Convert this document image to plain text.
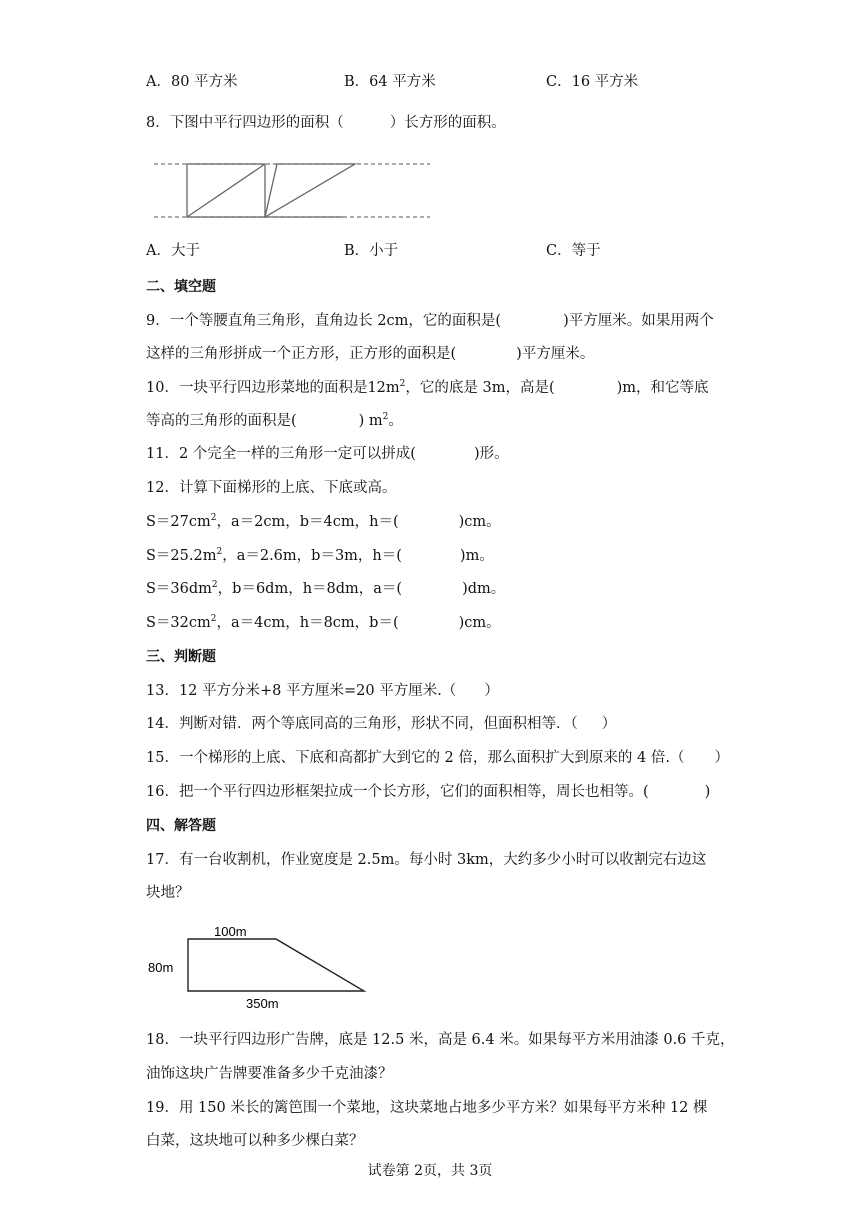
A．80 平方米	B．64 平方米	C．16 平方米
8．下图中平行四边形的面积（	）长方形的面积。
A．大于	B．小于	C．等于
二、填空题
9．一个等腰直角三角形，直角边长 2cm，它的面积是(	)平方厘米。如果用两个
这样的三角形拼成一个正方形，正方形的面积是(	)平方厘米。
10．一块平行四边形菜地的面积是$12m^2$，它的底是 3m，高是(	)m，和它等底
等高的三角形的面积是(	) $m^2$。
11．2 个完全一样的三角形一定可以拼成(	)形。
12．计算下面梯形的上底、下底或高。
$S=27cm^2$，a＝2cm，b＝4cm，h＝(	)cm。
$S=25.2m^2$，a＝2.6m，b＝3m，h＝(	)m。
$S=36dm^2$，b＝6dm，h＝8dm，a＝(	)dm。
$S=32cm^2$，a＝4cm，h＝8cm，b＝(	)cm。
三、判断题
13．12 平方分米+8 平方厘米=20 平方厘米.（ ）
14．判断对错．两个等底同高的三角形，形状不同，但面积相等．（ ）
15．一个梯形的上底、下底和高都扩大到它的 2 倍，那么面积扩大到原来的 4 倍.（ ）
16．把一个平行四边形框架拉成一个长方形，它们的面积相等，周长也相等。(	)
四、解答题
17．有一台收割机，作业宽度是 2.5m。每小时 3km，大约多少小时可以收割完右边这
块地？
100m
80m
350m
18．一块平行四边形广告牌，底是 12.5 米，高是 6.4 米。如果每平方米用油漆 0.6 千克，
油饰这块广告牌要准备多少千克油漆？
19．用 150 米长的篱笆围一个菜地，这块菜地占地多少平方米？如果每平方米种 12 棵
白菜，这块地可以种多少棵白菜？
试卷第 2页，共 3页
